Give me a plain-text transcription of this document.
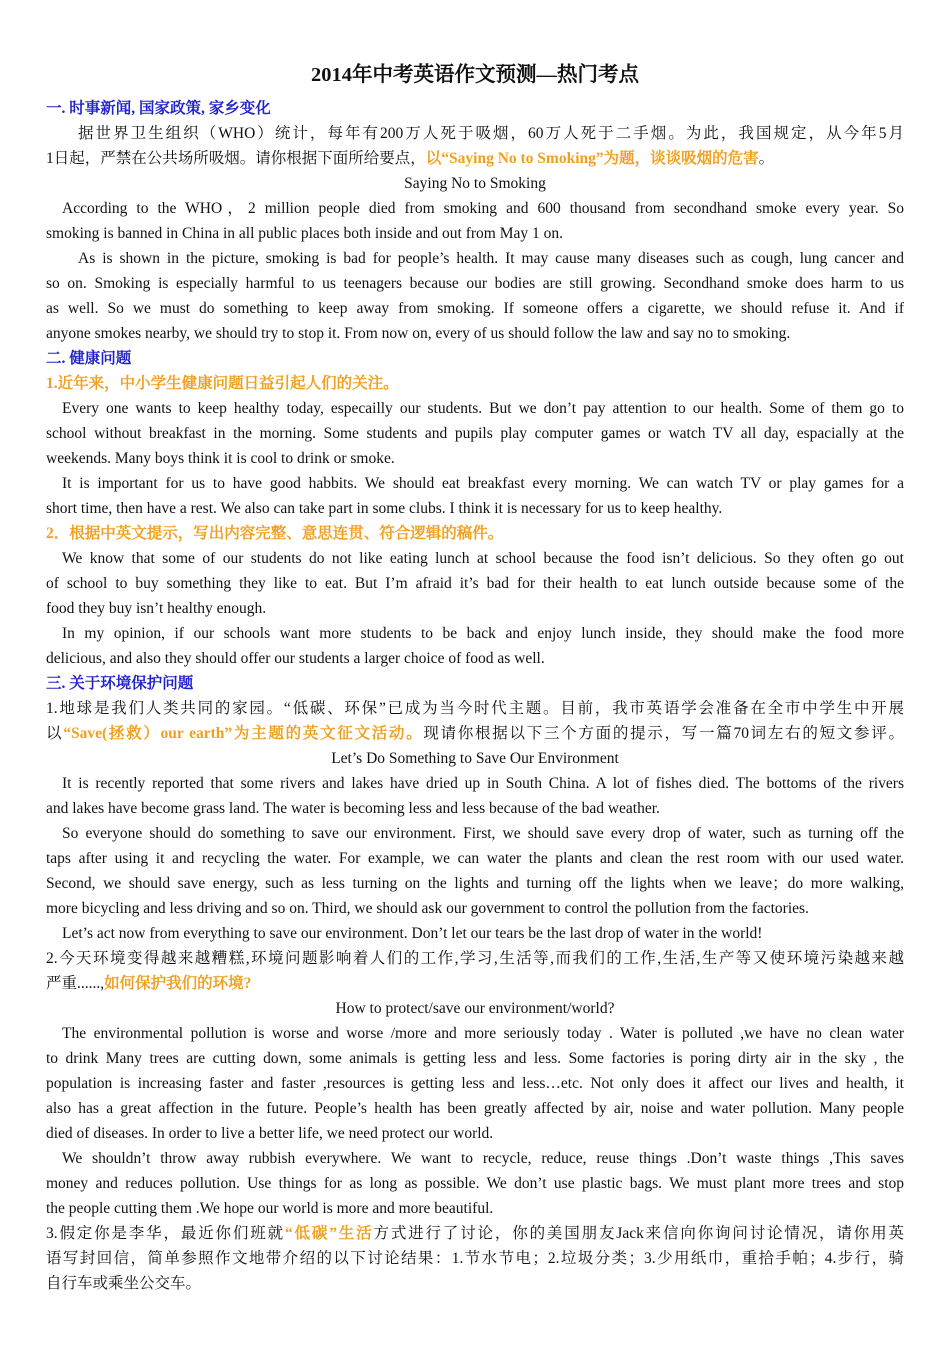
2014年中考英语作文预测—热门考点

一. 时事新闻, 国家政策, 家乡变化

据世界卫生组织（WHO）统计，每年有200万人死于吸烟，60万人死于二手烟。为此，我国规定，从今年5月

1日起，严禁在公共场所吸烟。请你根据下面所给要点，以“Saying No to Smoking”为题，谈谈吸烟的危害。

Saying No to Smoking

According to the WHO，2 million people died from smoking and 600 thousand from secondhand smoke every year. So

smoking is banned in China in all public places both inside and out from May 1 on.

As is shown in the picture, smoking is bad for people’s health. It may cause many diseases such as cough, lung cancer and

so on. Smoking is especially harmful to us teenagers because our bodies are still growing. Secondhand smoke does harm to us

as well. So we must do something to keep away from smoking. If someone offers a cigarette, we should refuse it. And if

anyone smokes nearby, we should try to stop it. From now on, every of us should follow the law and say no to smoking.

二. 健康问题

1.近年来，中小学生健康问题日益引起人们的关注。

Every one wants to keep healthy today, especailly our students. But we don’t pay attention to our health. Some of them go to

school without breakfast in the morning. Some students and pupils play computer games or watch TV all day, espacially at the

weekends. Many boys think it is cool to drink or smoke.

It is important for us to have good habbits. We should eat breakfast every morning. We can watch TV or play games for a

short time, then have a rest. We also can take part in some clubs. I think it is necessary for us to keep healthy.

2．根据中英文提示，写出内容完整、意思连贯、符合逻辑的稿件。

We know that some of our students do not like eating lunch at school because the food isn’t delicious. So they often go out

of school to buy something they like to eat. But I’m afraid it’s bad for their health to eat lunch outside because some of the

food they buy isn’t healthy enough.

In my opinion, if our schools want more students to be back and enjoy lunch inside, they should make the food more

delicious, and also they should offer our students a larger choice of food as well.

三. 关于环境保护问题

1.地球是我们人类共同的家园。“低碳、环保”已成为当今时代主题。目前，我市英语学会准备在全市中学生中开展

以“Save(拯救）our earth”为主题的英文征文活动。现请你根据以下三个方面的提示，写一篇70词左右的短文参评。

Let’s Do Something to Save Our Environment

It is recently reported that some rivers and lakes have dried up in South China. A lot of fishes died. The bottoms of the rivers

and lakes have become grass land. The water is becoming less and less because of the bad weather.

So everyone should do something to save our environment. First, we should save every drop of water, such as turning off the

taps after using it and recycling the water. For example, we can water the plants and clean the rest room with our used water.

Second, we should save energy, such as less turning on the lights and turning off the lights when we leave；do more walking,

more bicycling and less driving and so on. Third, we should ask our government to control the pollution from the factories.

Let’s act now from everything to save our environment. Don’t let our tears be the last drop of water in the world!

2.今天环境变得越来越糟糕,环境问题影响着人们的工作,学习,生活等,而我们的工作,生活,生产等又使环境污染越来越

严重......,如何保护我们的环境?

How to protect/save our environment/world?

The environmental pollution is worse and worse /more and more seriously today . Water is polluted ,we have no clean water

to drink Many trees are cutting down, some animals is getting less and less. Some factories is poring dirty air in the sky , the

population is increasing faster and faster ,resources is getting less and less…etc. Not only does it affect our lives and health, it

also has a great affection in the future. People’s health has been greatly affected by air, noise and water pollution. Many people

died of diseases. In order to live a better life, we need protect our world.

We shouldn’t throw away rubbish everywhere. We want to recycle, reduce, reuse things .Don’t waste things ,This saves

money and reduces pollution. Use things for as long as possible. We don’t use plastic bags. We must plant more trees and stop

the people cutting them .We hope our world is more and more beautiful.

3.假定你是李华，最近你们班就“低碳”生活方式进行了讨论，你的美国朋友Jack来信向你询问讨论情况，请你用英

语写封回信，简单参照作文地带介绍的以下讨论结果：1.节水节电；2.垃圾分类；3.少用纸巾，重拾手帕；4.步行，骑

自行车或乘坐公交车。
